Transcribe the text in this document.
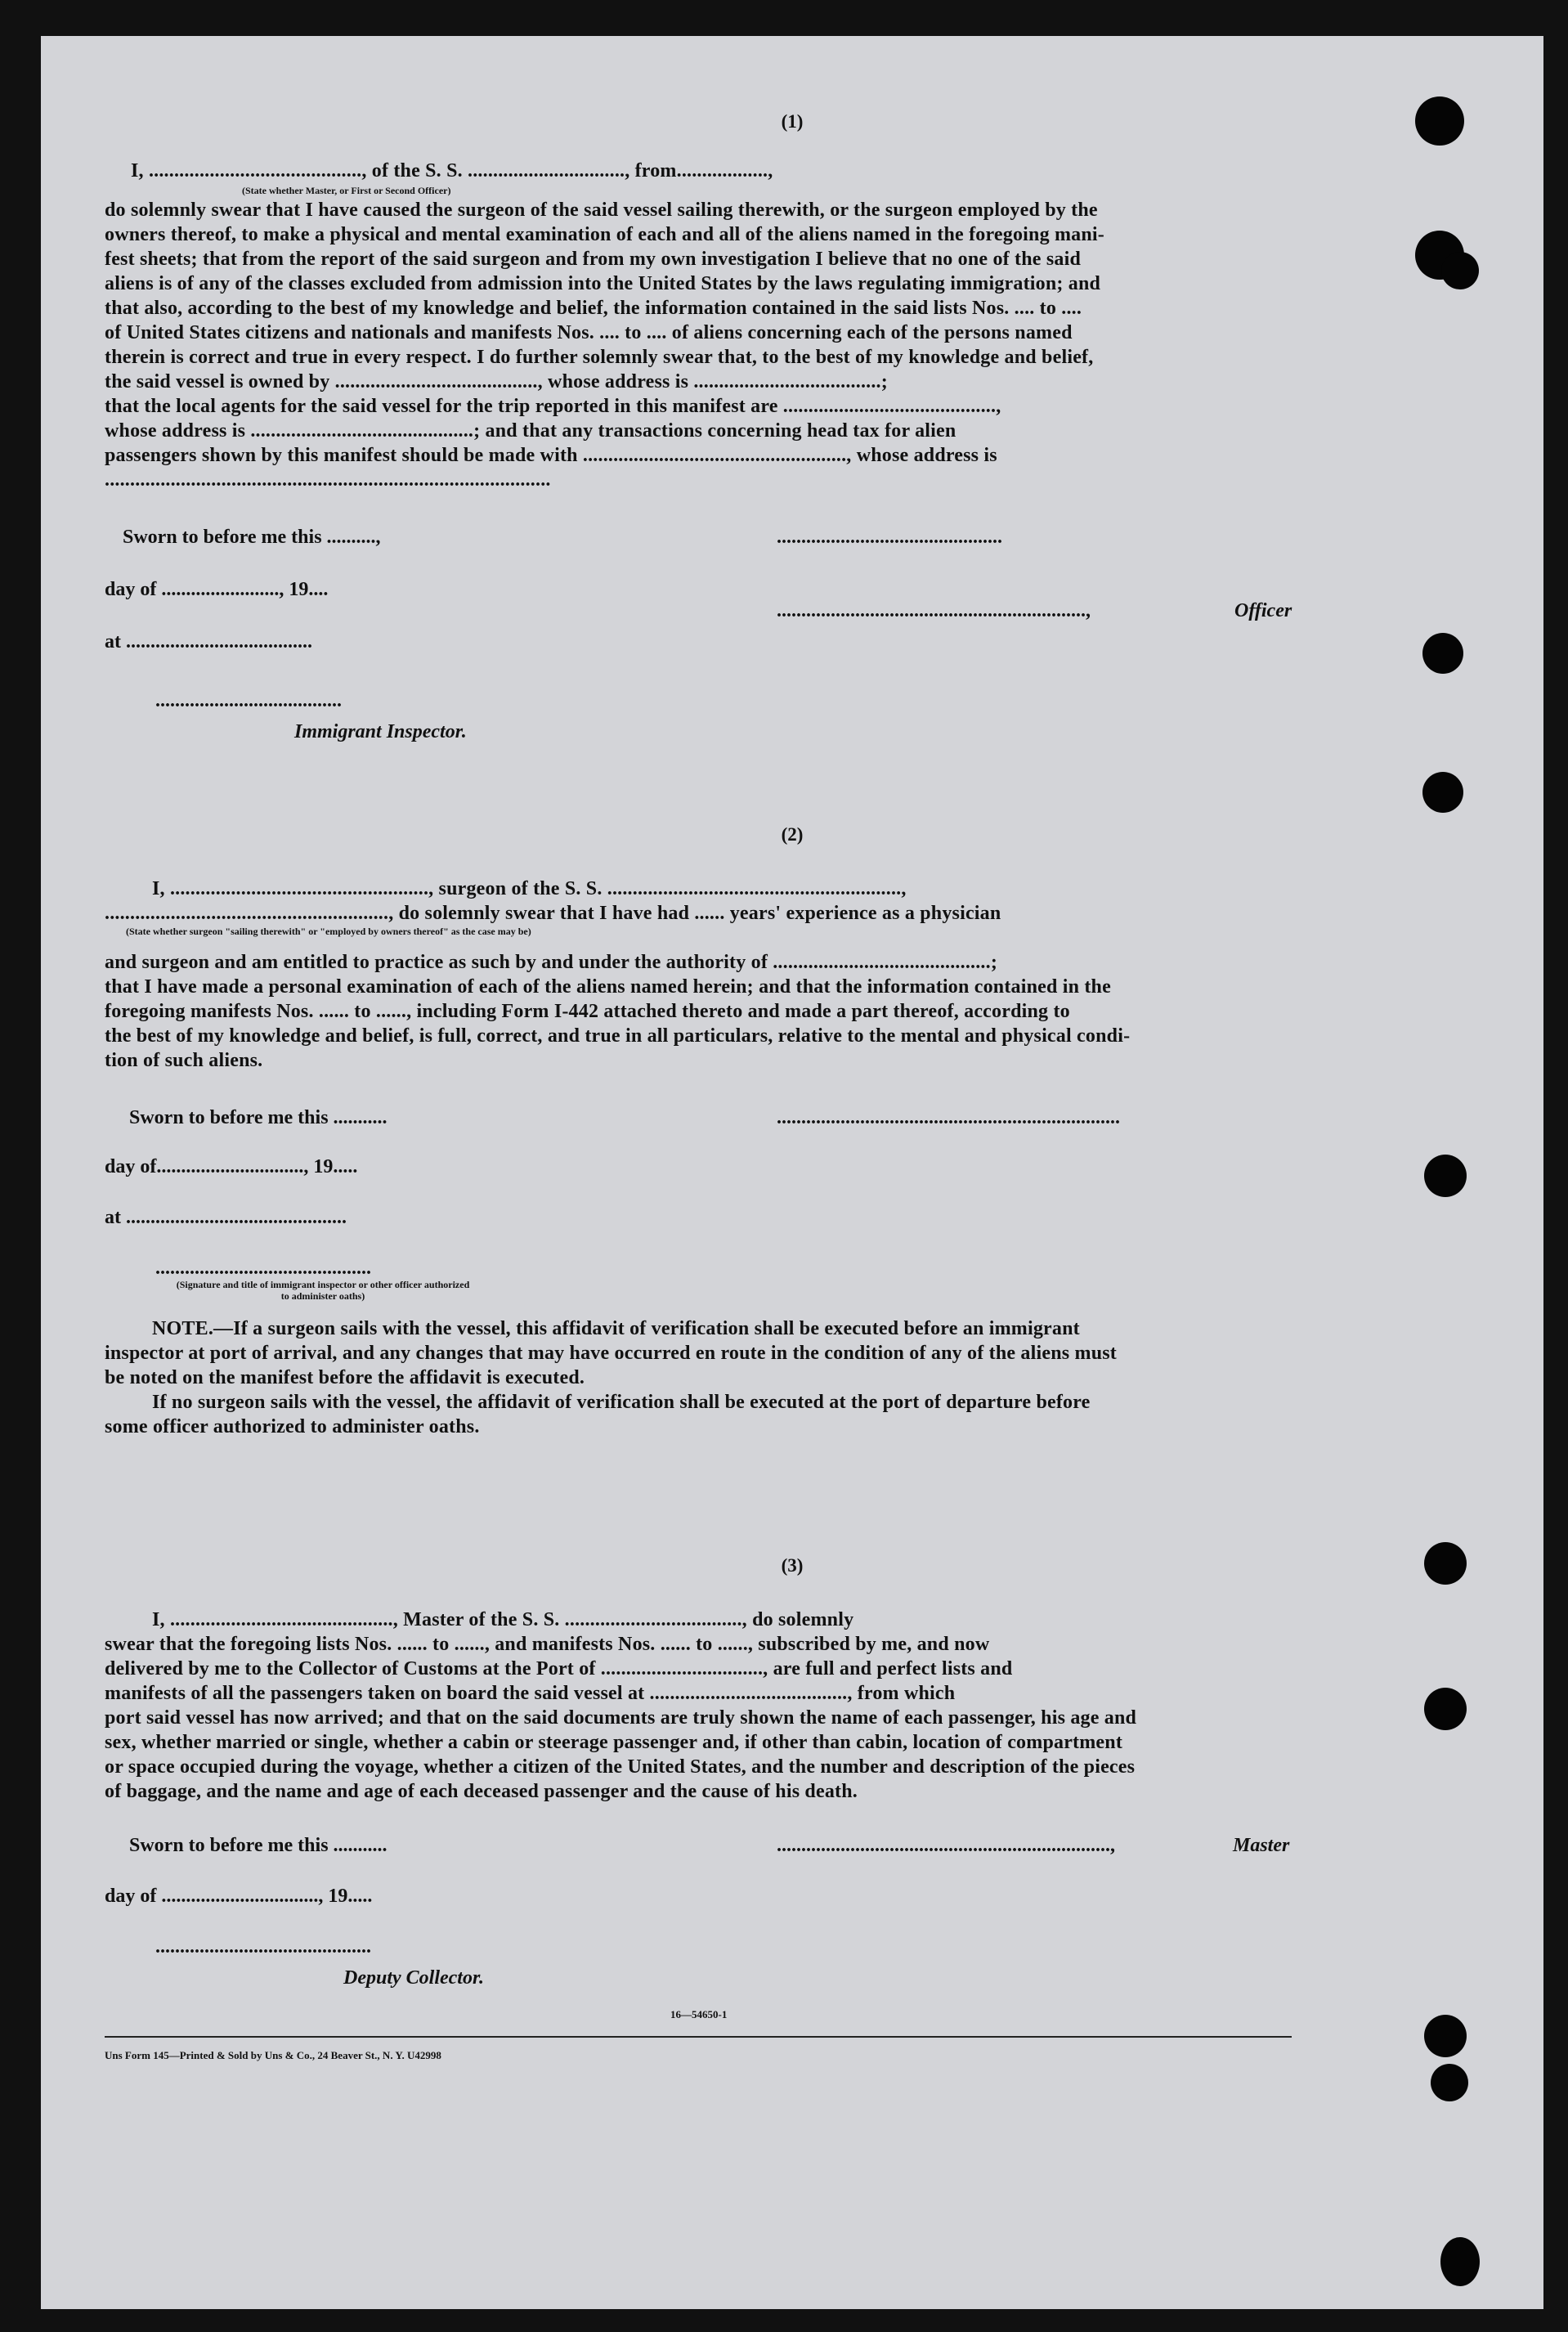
(1)
I, .........................................., of the S. S. ..............................., from..................,
(State whether Master, or First or Second Officer)
do solemnly swear that I have caused the surgeon of the said vessel sailing therewith, or the surgeon employed by the
owners thereof, to make a physical and mental examination of each and all of the aliens named in the foregoing mani-
fest sheets; that from the report of the said surgeon and from my own investigation I believe that no one of the said
aliens is of any of the classes excluded from admission into the United States by the laws regulating immigration; and
that also, according to the best of my knowledge and belief, the information contained in the said lists Nos. .... to ....
of United States citizens and nationals and manifests Nos. .... to .... of aliens concerning each of the persons named
therein is correct and true in every respect. I do further solemnly swear that, to the best of my knowledge and belief,
the said vessel is owned by ........................................, whose address is .....................................;
that the local agents for the said vessel for the trip reported in this manifest are ..........................................,
whose address is ............................................; and that any transactions concerning head tax for alien
passengers shown by this manifest should be made with ...................................................., whose address is
........................................................................................
Sworn to before me this ..........,	..............................................
day of ........................, 19....
...............................................................,	Officer
at ......................................
......................................
Immigrant Inspector.
(2)
I, ..................................................., surgeon of the S. S. ..........................................................,
........................................................, do solemnly swear that I have had ...... years' experience as a physician
(State whether surgeon "sailing therewith" or "employed by owners thereof" as the case may be)
and surgeon and am entitled to practice as such by and under the authority of ...........................................;
that I have made a personal examination of each of the aliens named herein; and that the information contained in the
foregoing manifests Nos. ...... to ......, including Form I-442 attached thereto and made a part thereof, according to
the best of my knowledge and belief, is full, correct, and true in all particulars, relative to the mental and physical condi-
tion of such aliens.
Sworn to before me this ...........	......................................................................
day of.............................., 19.....
at .............................................
............................................
(Signature and title of immigrant inspector or other officer authorized to administer oaths)
NOTE.—If a surgeon sails with the vessel, this affidavit of verification shall be executed before an immigrant
inspector at port of arrival, and any changes that may have occurred en route in the condition of any of the aliens must
be noted on the manifest before the affidavit is executed.
If no surgeon sails with the vessel, the affidavit of verification shall be executed at the port of departure before
some officer authorized to administer oaths.
(3)
I, ............................................, Master of the S. S. ..................................., do solemnly
swear that the foregoing lists Nos. ...... to ......, and manifests Nos. ...... to ......, subscribed by me, and now
delivered by me to the Collector of Customs at the Port of ................................, are full and perfect lists and
manifests of all the passengers taken on board the said vessel at ......................................., from which
port said vessel has now arrived; and that on the said documents are truly shown the name of each passenger, his age and
sex, whether married or single, whether a cabin or steerage passenger and, if other than cabin, location of compartment
or space occupied during the voyage, whether a citizen of the United States, and the number and description of the pieces
of baggage, and the name and age of each deceased passenger and the cause of his death.
Sworn to before me this ...........	....................................................................,	Master
day of ................................, 19.....
............................................
Deputy Collector.
16—54650-1
Uns Form 145—Printed & Sold by Uns & Co., 24 Beaver St., N. Y. U42998
